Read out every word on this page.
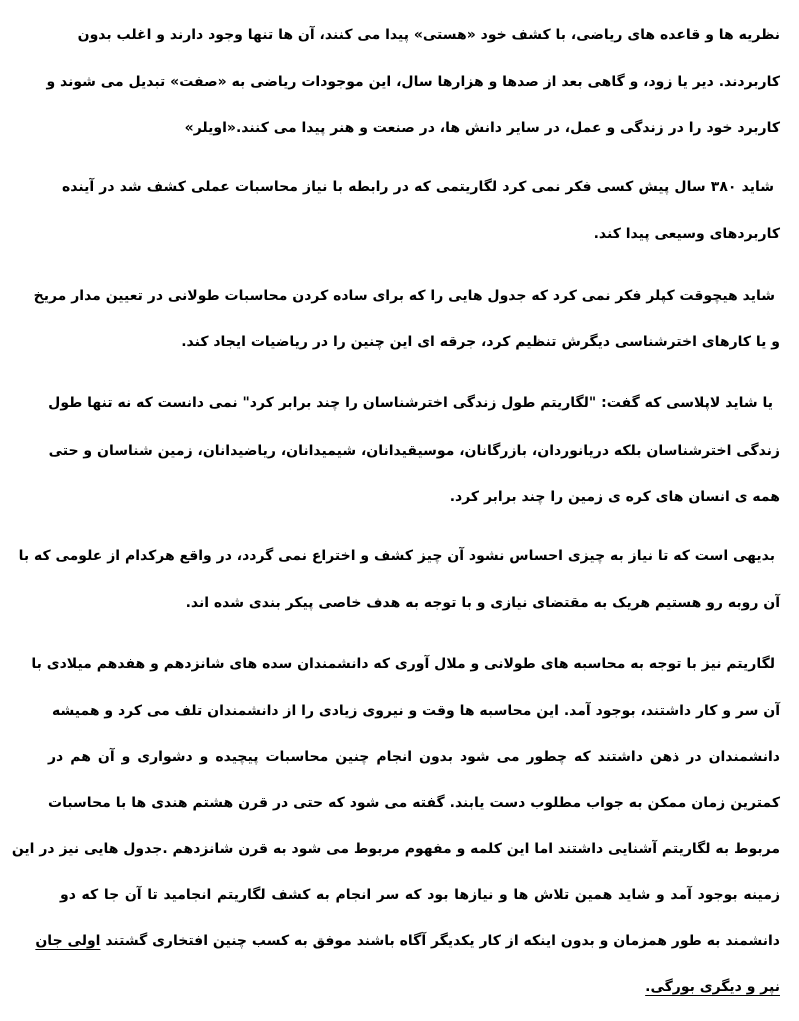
نظریه ها و قاعده های ریاضی، با کشف خود «هستی» پیدا می کنند، آن ها تنها وجود دارند و اغلب بدون
کاربردند. دیر یا زود، و گاهی بعد از صدها و هزارها سال، این موجودات ریاضی به «صفت» تبدیل می شوند و
کاربرد خود را در زندگی و عمل، در سایر دانش ها، در صنعت و هنر پیدا می کنند.«اویلر»
شاید ۳۸۰ سال پیش کسی فکر نمی کرد لگاریتمی که در رابطه با نیاز محاسبات عملی کشف شد در آینده
کاربردهای وسیعی پیدا کند.
شاید هیچوقت کپلر فکر نمی کرد که جدول هایی را که برای ساده کردن محاسبات طولانی در تعیین مدار مریخ
و یا کارهای اخترشناسی دیگرش تنظیم کرد، جرقه ای این چنین را در ریاضیات ایجاد کند.
یا شاید لاپلاسی که گفت: "لگاریتم طول زندگی اخترشناسان را چند برابر کرد" نمی دانست که نه تنها طول
زندگی اخترشناسان بلکه دریانوردان، بازرگانان، موسیقیدانان، شیمیدانان، ریاضیدانان، زمین شناسان و حتی
همه ی انسان های کره ی زمین را چند برابر کرد.
بدیهی است که تا نیاز به چیزی احساس نشود آن چیز کشف و اختراع نمی گردد، در واقع هرکدام از علومی که با
آن روبه رو هستیم هریک به مقتضای نیازی و با توجه به هدف خاصی پیکر بندی شده اند.
لگاریتم نیز با توجه به محاسبه های طولانی و ملال آوری که دانشمندان سده های شانزدهم و هفدهم میلادی با
آن سر و کار داشتند، بوجود آمد. این محاسبه ها وقت و نیروی زیادی را از دانشمندان تلف می کرد و همیشه
دانشمندان در ذهن داشتند که چطور می شود بدون انجام چنین محاسبات پیچیده و دشواری و آن هم در
کمترین زمان ممکن به جواب مطلوب دست یابند. گفته می شود که حتی در قرن هشتم هندی ها با محاسبات
مربوط به لگاریتم آشنایی داشتند اما این کلمه و مفهوم مربوط می شود به قرن شانزدهم .جدول هایی نیز در این
زمینه بوجود آمد و شاید همین تلاش ها و نیازها بود که سر انجام به کشف لگاریتم انجامید تا آن جا که دو
دانشمند به طور همزمان و بدون اینکه از کار یکدیگر آگاه باشند موفق به کسب چنین افتخاری گشتند اولی جان
نپر و دیگری بورگی.
